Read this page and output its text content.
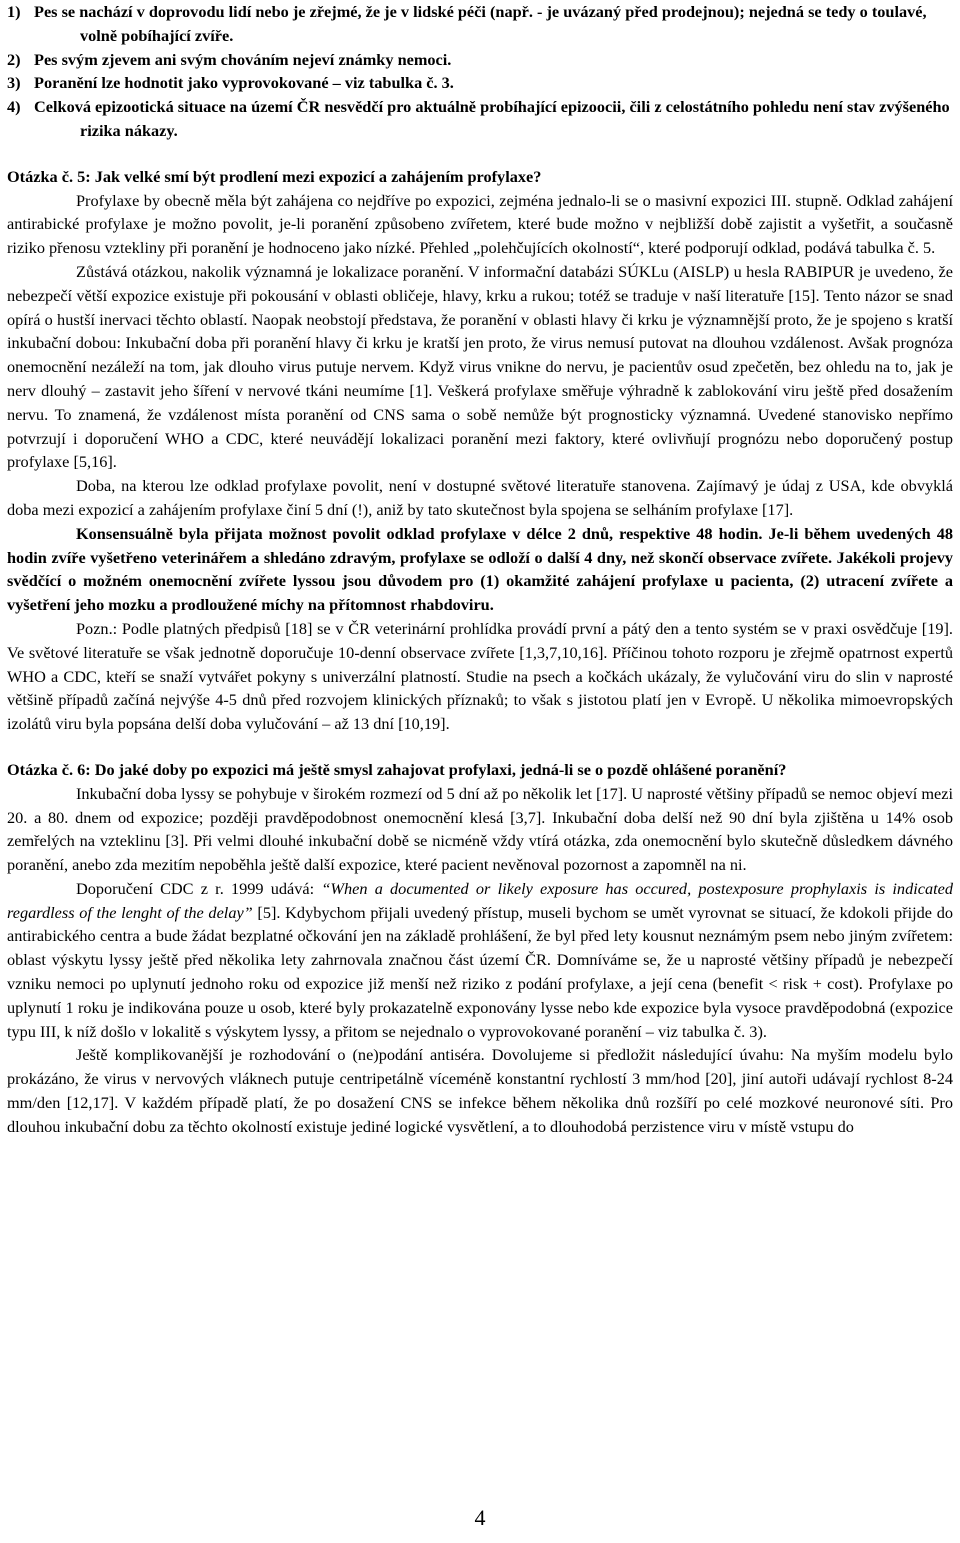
1) Pes se nachází v doprovodu lidí nebo je zřejmé, že je v lidské péči (např. - je uvázaný před prodejnou); nejedná se tedy o toulavé, volně pobíhající zvíře.
2) Pes svým zjevem ani svým chováním nejeví známky nemoci.
3) Poranění lze hodnotit jako vyprovokované – viz tabulka č. 3.
4) Celková epizootická situace na území ČR nesvědčí pro aktuálně probíhající epizoocii, čili z celostátního pohledu není stav zvýšeného rizika nákazy.
Otázka č. 5: Jak velké smí být prodlení mezi expozicí a zahájením profylaxe?
Profylaxe by obecně měla být zahájena co nejdříve po expozici, zejména jednalo-li se o masivní expozici III. stupně. Odklad zahájení antirabické profylaxe je možno povolit, je-li poranění způsobeno zvířetem, které bude možno v nejbližší době zajistit a vyšetřit, a současně riziko přenosu vztekliny při poranění je hodnoceno jako nízké. Přehled „polehčujících okolností“, které podporují odklad, podává tabulka č. 5.
Zůstává otázkou, nakolik významná je lokalizace poranění. V informační databázi SÚKLu (AISLP) u hesla RABIPUR je uvedeno, že nebezpečí větší expozice existuje při pokousání v oblasti obličeje, hlavy, krku a rukou; totéž se traduje v naší literatuře [15]. Tento názor se snad opírá o hustší inervaci těchto oblastí. Naopak neobstojí představa, že poranění v oblasti hlavy či krku je významnější proto, že je spojeno s kratší inkubační dobou: Inkubační doba při poranění hlavy či krku je kratší jen proto, že virus nemusí putovat na dlouhou vzdálenost. Avšak prognóza onemocnění nezáleží na tom, jak dlouho virus putuje nervem. Když virus vnikne do nervu, je pacientův osud zpečetěn, bez ohledu na to, jak je nerv dlouhý – zastavit jeho šíření v nervové tkáni neumíme [1]. Veškerá profylaxe směřuje výhradně k zablokování viru ještě před dosažením nervu. To znamená, že vzdálenost místa poranění od CNS sama o sobě nemůže být prognosticky významná. Uvedené stanovisko nepřímo potvrzují i doporučení WHO a CDC, které neuvádějí lokalizaci poranění mezi faktory, které ovlivňují prognózu nebo doporučený postup profylaxe [5,16].
Doba, na kterou lze odklad profylaxe povolit, není v dostupné světové literatuře stanovena. Zajímavý je údaj z USA, kde obvyklá doba mezi expozicí a zahájením profylaxe činí 5 dní (!), aniž by tato skutečnost byla spojena se selháním profylaxe [17].
Konsensuálně byla přijata možnost povolit odklad profylaxe v délce 2 dnů, respektive 48 hodin. Je-li během uvedených 48 hodin zvíře vyšetřeno veterinářem a shledáno zdravým, profylaxe se odloží o další 4 dny, než skončí observace zvířete. Jakékoli projevy svědčící o možném onemocnění zvířete lyssou jsou důvodem pro (1) okamžité zahájení profylaxe u pacienta, (2) utracení zvířete a vyšetření jeho mozku a prodloužené míchy na přítomnost rhabdoviru.
Pozn.: Podle platných předpisů [18] se v ČR veterinární prohlídka provádí první a pátý den a tento systém se v praxi osvědčuje [19]. Ve světové literatuře se však jednotně doporučuje 10-denní observace zvířete [1,3,7,10,16]. Příčinou tohoto rozporu je zřejmě opatrnost expertů WHO a CDC, kteří se snaží vytvářet pokyny s univerzální platností. Studie na psech a kočkách ukázaly, že vylučování viru do slin v naprosté většině případů začíná nejvýše 4-5 dnů před rozvojem klinických příznaků; to však s jistotou platí jen v Evropě. U několika mimoevropských izolátů viru byla popsána delší doba vylučování – až 13 dní [10,19].
Otázka č. 6: Do jaké doby po expozici má ještě smysl zahajovat profylaxi, jedná-li se o pozdě ohlášené poranění?
Inkubační doba lyssy se pohybuje v širokém rozmezí od 5 dní až po několik let [17]. U naprosté většiny případů se nemoc objeví mezi 20. a 80. dnem od expozice; později pravděpodobnost onemocnění klesá [3,7]. Inkubační doba delší než 90 dní byla zjištěna u 14% osob zemřelých na vzteklinu [3]. Při velmi dlouhé inkubační době se nicméně vždy vtírá otázka, zda onemocnění bylo skutečně důsledkem dávného poranění, anebo zda mezitím nepoběhla ještě další expozice, které pacient nevěnoval pozornost a zapomněl na ni.
Doporučení CDC z r. 1999 udává: “When a documented or likely exposure has occured, postexposure prophylaxis is indicated regardless of the lenght of the delay” [5]. Kdybychom přijali uvedený přístup, museli bychom se umět vyrovnat se situací, že kdokoli přijde do antirabického centra a bude žádat bezplatné očkování jen na základě prohlášení, že byl před lety kousnut neznámým psem nebo jiným zvířetem: oblast výskytu lyssy ještě před několika lety zahrnovala značnou část území ČR. Domníváme se, že u naprosté většiny případů je nebezpečí vzniku nemoci po uplynutí jednoho roku od expozice již menší než riziko z podání profylaxe, a její cena (benefit < risk + cost). Profylaxe po uplynutí 1 roku je indikována pouze u osob, které byly prokazatelně exponovány lysse nebo kde expozice byla vysoce pravděpodobná (expozice typu III, k níž došlo v lokalitě s výskytem lyssy, a přitom se nejednalo o vyprovokované poranění – viz tabulka č. 3).
Ještě komplikovanější je rozhodování o (ne)podání antiséra. Dovolujeme si předložit následující úvahu: Na myším modelu bylo prokázáno, že virus v nervových vláknech putuje centripetálně víceméně konstantní rychlostí 3 mm/hod [20], jiní autoři udávají rychlost 8-24 mm/den [12,17]. V každém případě platí, že po dosažení CNS se infekce během několika dnů rozšíří po celé mozkové neuronové síti. Pro dlouhou inkubační dobu za těchto okolností existuje jediné logické vysvětlení, a to dlouhodobá perzistence viru v místě vstupu do
4
